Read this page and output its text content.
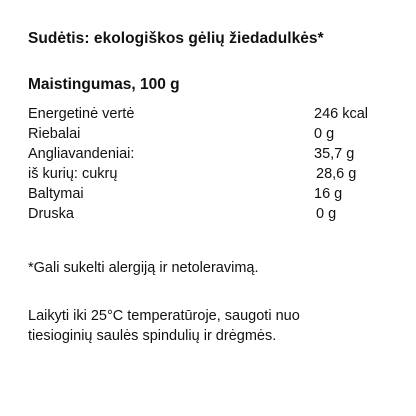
Sudėtis: ekologiškos gėlių žiedadulkės*
Maistingumas, 100 g
Energetinė vertė	246 kcal
Riebalai	0 g
Angliavandeniai:	35,7 g
iš kurių: cukrų	28,6 g
Baltymai	16 g
Druska	0 g
*Gali sukelti alergiją ir netoleravimą.
Laikyti iki 25°C temperatūroje, saugoti nuo
tiesioginių saulės spindulių ir drėgmės.
